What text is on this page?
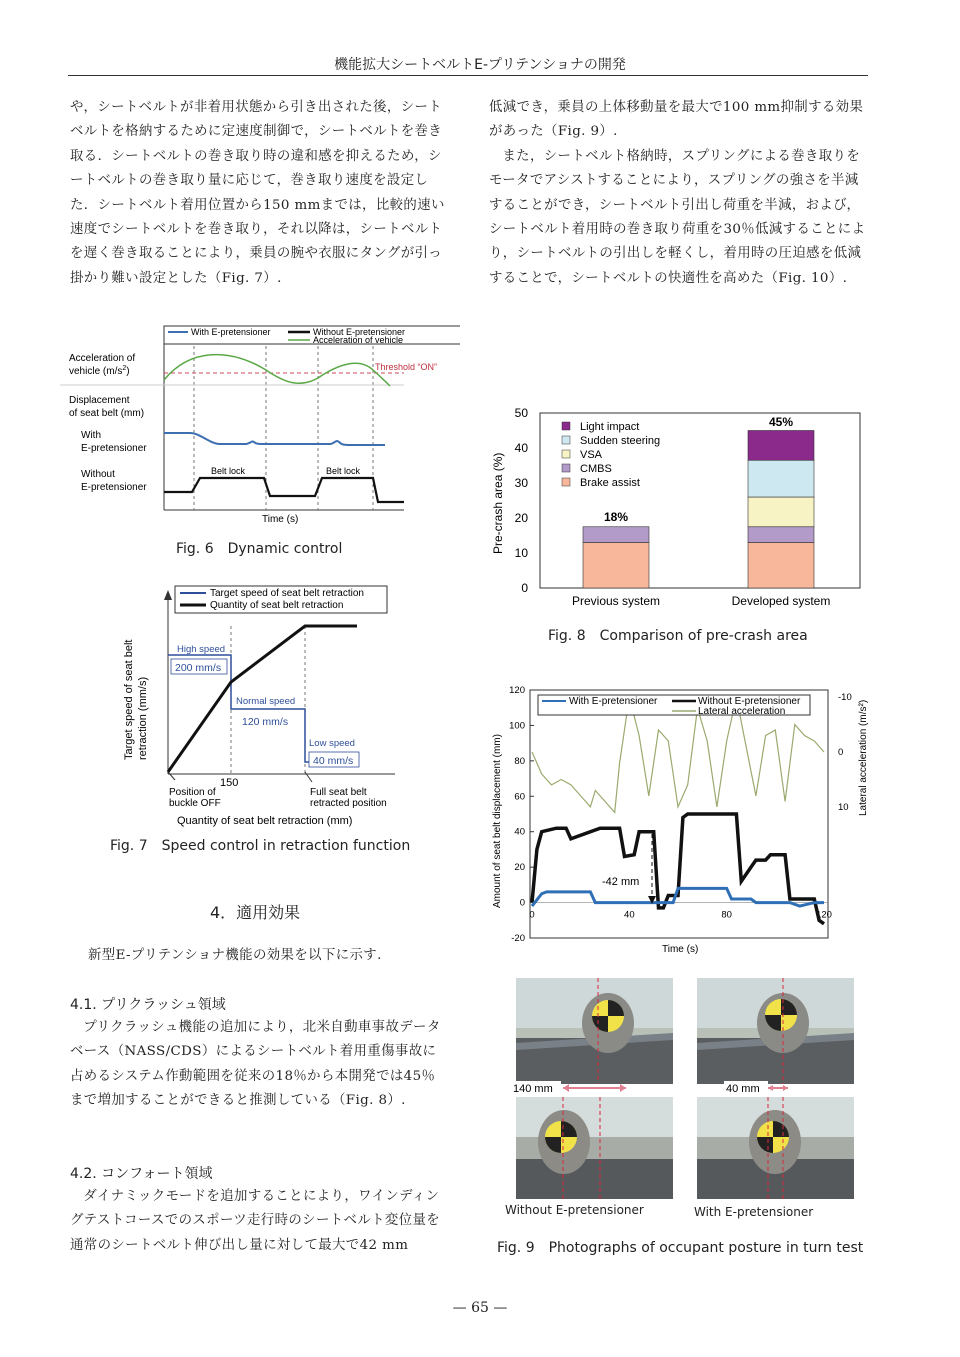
機能拡大シートベルトE-プリテンショナの開発

や，シートベルトが非着用状態から引き出された後，シートベルトを格納するために定速度制御で，シートベルトを巻き取る．シートベルトの巻き取り時の違和感を抑えるため，シートベルトの巻き取り量に応じて，巻き取り速度を設定した．シートベルト着用位置から150 mmまでは，比較的速い速度でシートベルトを巻き取り，それ以降は，シートベルトを遅く巻き取ることにより，乗員の腕や衣服にタングが引っ掛かり難い設定とした（Fig. 7）.

低減でき，乗員の上体移動量を最大で100 mm抑制する効果があった（Fig. 9）.

また，シートベルト格納時，スプリングによる巻き取りをモータでアシストすることにより，スプリングの強さを半減することができ，シートベルト引出し荷重を半減，および，シートベルト着用時の巻き取り荷重を30％低減することにより，シートベルトの引出しを軽くし，着用時の圧迫感を低減することで，シートベルトの快適性を高めた（Fig. 10）.

With E-pretensioner	Without E-pretensioner
Acceleration of vehicle
Threshold “ON”
Acceleration of
vehicle $(m/s^2)$
Displacement
of seat belt (mm)
With
E-pretensioner
Without
E-pretensioner
Belt lock	Belt lock
Time (s)
Fig. 6　Dynamic control
Target speed of seat belt retraction
Quantity of seat belt retraction
High speed
200 mm/s
Normal speed
120 mm/s
Low speed
40 mm/s
Target speed of seat belt retraction (mm/s)
150
Position of
buckle OFF
Full seat belt
retracted position
Quantity of seat belt retraction (mm)
Fig. 7　Speed control in retraction function
4．適用効果
新型E-プリテンショナ機能の効果を以下に示す.
4.1. プリクラッシュ領域
プリクラッシュ機能の追加により，北米自動車事故データベース（NASS/CDS）によるシートベルト着用重傷事故に占めるシステム作動範囲を従来の18％から本開発では45％まで増加することができると推測している（Fig. 8）.
4.2. コンフォート領域
ダイナミックモードを追加することにより，ワインディングテストコースでのスポーツ走行時のシートベルト変位量を通常のシートベルト伸び出し量に対して最大で42 mm
0
10
20
30
40
50
Pre-crash area (%)
Previous system	Developed system
18%
45%
Light impact
Sudden steering
VSA
CMBS
Brake assist
Fig. 8　Comparison of pre-crash area
-20
0
20
40
60
80
100
120
10
0
-10
0	40	80	120
With E-pretensioner	Without E-pretensioner
Lateral acceleration
-42 mm
Amount of seat belt displacement (mm)	Lateral acceleration (m/s²)
Time (s)
140 mm	40 mm
Without E-pretensioner	With E-pretensioner
Fig. 9　Photographs of occupant posture in turn test
— 65 —
